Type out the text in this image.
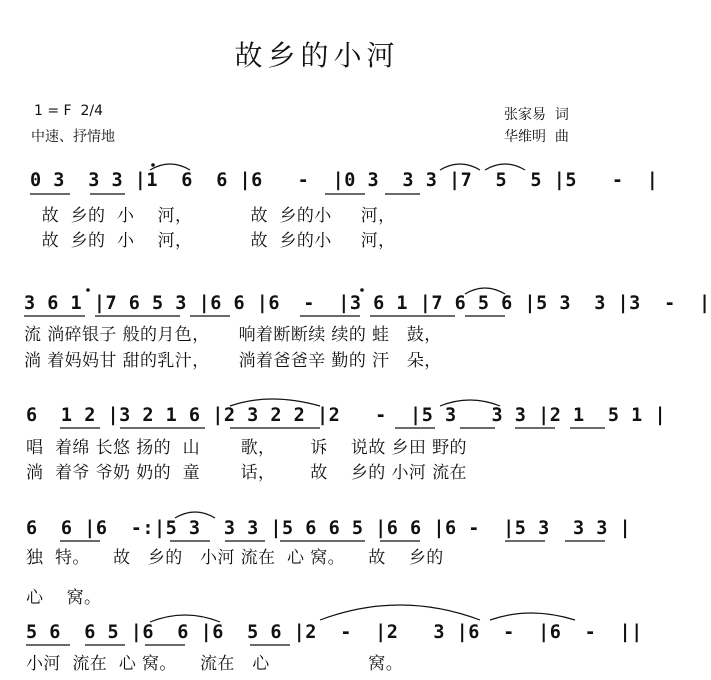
故乡的小河
1 = F  2/4
中速、抒情地
张家易  词
华维明  曲
0 3  3 3 |1  6  6 |6   -  |0 3  3 3 |7  5  5 |5   -  |
故  乡的  小    河，          故  乡的小     河，
故  乡的  小    河，          故  乡的小     河，
3 6 1 |7 6 5 3 |6 6 |6  -  |3 6 1 |7 6 5 6 |5 3  3 |3  -  |
流 淌碎银子 般的月色，     响着断断续 续的 蛙   鼓，
淌 着妈妈甘 甜的乳汁，     淌着爸爸辛 勤的 汗   朵，
6  1 2 |3 2 1 6 |2 3 2 2 |2   -  |5 3   3 3 |2 1  5 1 |
唱  着绵 长悠 扬的  山       歌，      诉    说故 乡田 野的
淌  着爷 爷奶 奶的  童       话，      故    乡的 小河 流在
6  6 |6  -:|5 3  3 3 |5 6 6 5 |6 6 |6 -  |5 3  3 3 |
独  特。    故   乡的   小河 流在  心 窝。    故    乡的
心    窝。
5 6  6 5 |6  6 |6  5 6 |2  -  |2   3 |6  -  |6  -  ||
小河  流在  心 窝。    流在   心                 窝。
